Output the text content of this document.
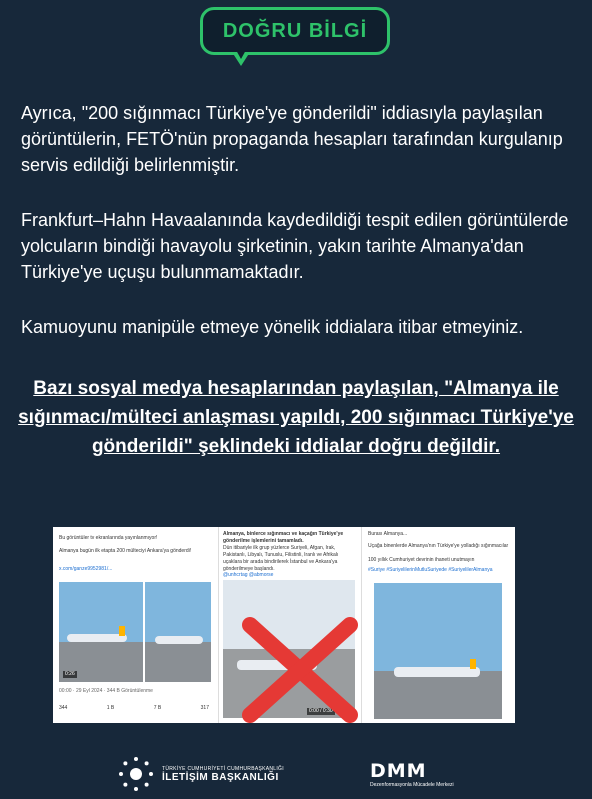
DOĞRU BİLGİ
Ayrıca, "200 sığınmacı Türkiye'ye gönderildi" iddiasıyla paylaşılan görüntülerin, FETÖ'nün propaganda hesapları tarafından kurgulanıp servis edildiği belirlenmiştir.
Frankfurt–Hahn Havaalanında kaydedildiği tespit edilen görüntülerde yolcuların bindiği havayolu şirketinin, yakın tarihte Almanya'dan Türkiye'ye uçuşu bulunmamaktadır.
Kamuoyunu manipüle etmeye yönelik iddialara itibar etmeyiniz.
Bazı sosyal medya hesaplarından paylaşılan, "Almanya ile sığınmacı/mülteci anlaşması yapıldı, 200 sığınmacı Türkiye'ye gönderildi" şeklindeki iddialar doğru değildir.
Bu görüntüler tv ekranlarında yayınlanmıyor!
Almanya bugün ilk etapta 200 mülteciyi Ankara'ya gönderdi!
x.com/ganze9952981/...
0:26
00:00 · 29 Eyl 2024 · 344 B Görüntülenme
344	1 B	7 B	317
Almanya, binlerce sığınmacı ve kaçağın Türkiye'ye gönderilme işlemlerini tamamladı.
Dün itibariyle ilk grup yüzlerce Suriyeli, Afgan, Irak, Pakistanlı, Libyalı, Tunuslu, Filistinli, Iranlı ve Afrikalı uçaklara bir arada bindirilerek İstanbul ve Ankara'ya gönderilmeye başlandı.
@unhcrtag @abmorse
0:00 / 0:30
Burası Almanya...
Uçağa binenlerde Almanya'nın Türkiye'ye yolladığı sığınmacılar
100 yıllık Cumhuriyet devrinin ihaneti unutmayın
#Suriye #SuriyelilerinMutluSuriyede #SuriyelilerAlmanya
TÜRKİYE CUMHURİYETİ CUMHURBAŞKANLIĞI
İLETİŞİM BAŞKANLIĞI	DMM
Dezenformasyonla Mücadele Merkezi
